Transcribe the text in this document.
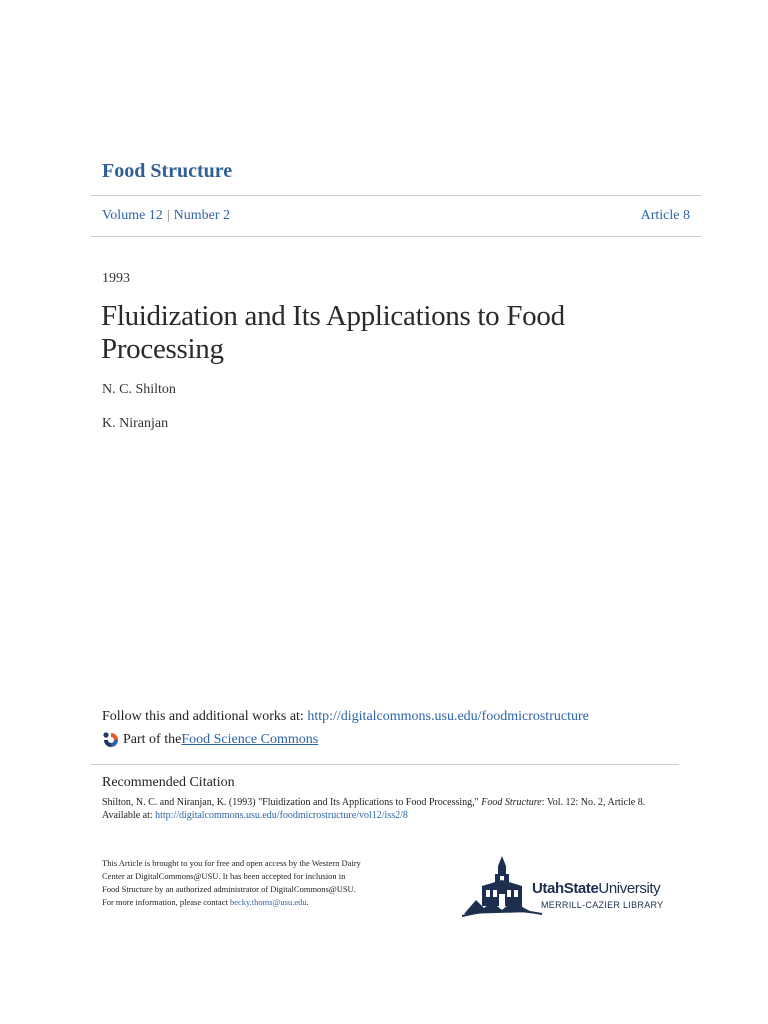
Food Structure
Volume 12 | Number 2	Article 8
1993
Fluidization and Its Applications to Food Processing
N. C. Shilton
K. Niranjan
Follow this and additional works at: http://digitalcommons.usu.edu/foodmicrostructure
Part of the Food Science Commons
Recommended Citation
Shilton, N. C. and Niranjan, K. (1993) "Fluidization and Its Applications to Food Processing," Food Structure: Vol. 12: No. 2, Article 8.
Available at: http://digitalcommons.usu.edu/foodmicrostructure/vol12/iss2/8
This Article is brought to you for free and open access by the Western Dairy
Center at DigitalCommons@USU. It has been accepted for inclusion in
Food Structure by an authorized administrator of DigitalCommons@USU.
For more information, please contact becky.thoms@usu.edu.
UtahStateUniversity
MERRILL-CAZIER LIBRARY
